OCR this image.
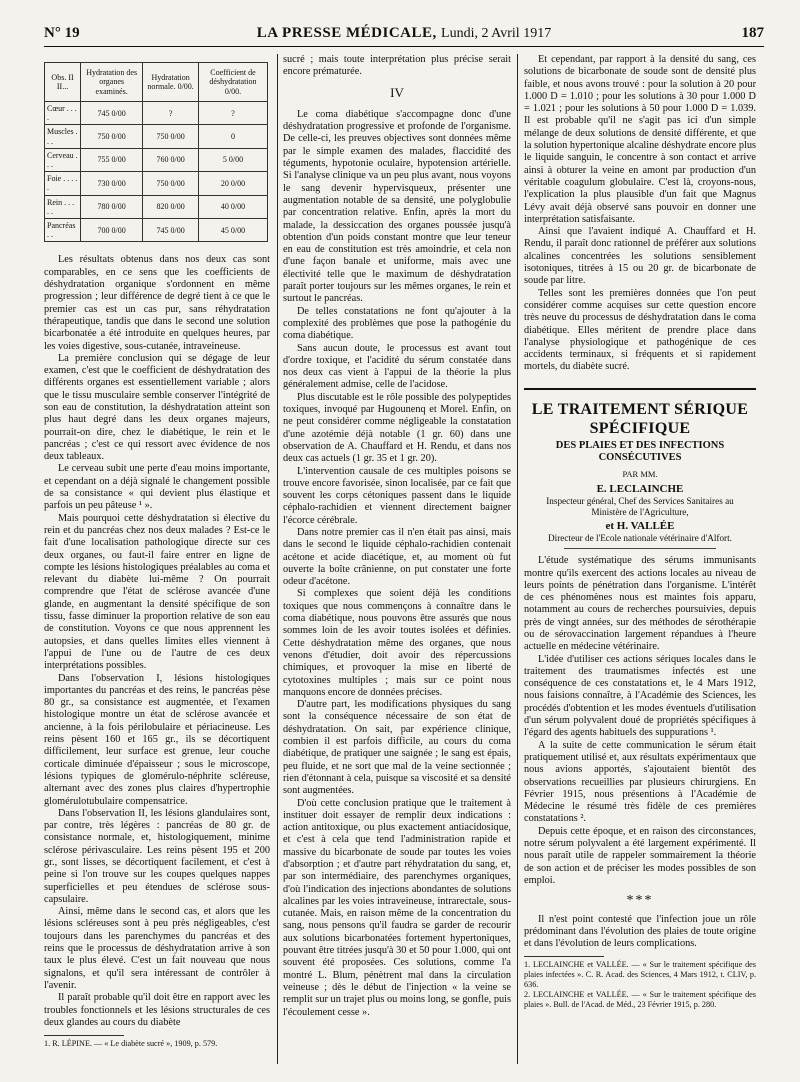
N° 19	LA PRESSE MÉDICALE, Lundi, 2 Avril 1917	187
Obs. II
II...	Hydratation des organes examinés.	Hydratation normale. 0/00.	Coefficient de déshydratation 0/00.
Cœur . . . .	745 0/00	?	?
Muscles . . .	750 0/00	750 0/00	0
Cerveau . . .	755 0/00	760 0/00	5 0/00
Foie . . . . .	730 0/00	750 0/00	20 0/00
Rein . . . . .	780 0/00	820 0/00	40 0/00
Pancréas . .	700 0/00	745 0/00	45 0/00

Les résultats obtenus dans nos deux cas sont comparables, en ce sens que les coefficients de déshydratation organique s'ordonnent en même progression ; leur différence de degré tient à ce que le premier cas est un cas pur, sans réhydratation thérapeutique, tandis que dans le second une solution bicarbonatée a été introduite en quelques heures, par les voies digestive, sous-cutanée, intraveineuse.

La première conclusion qui se dégage de leur examen, c'est que le coefficient de déshydratation des différents organes est essentiellement variable ; alors que le tissu musculaire semble conserver l'intégrité de son eau de constitution, la déshydratation atteint son plus haut degré dans les deux organes majeurs, pourrait-on dire, chez le diabétique, le rein et le pancréas ; c'est ce qui ressort avec évidence de nos deux tableaux.

Le cerveau subit une perte d'eau moins importante, et cependant on a déjà signalé le changement possible de sa consistance « qui devient plus élastique et parfois un peu pâteuse ¹ ».

Mais pourquoi cette déshydratation si élective du rein et du pancréas chez nos deux malades ? Est-ce le fait d'une localisation pathologique directe sur ces deux organes, ou faut-il faire entrer en ligne de compte les lésions histologiques préalables au coma et relevant du diabète lui-même ? On pourrait comprendre que l'état de sclérose avancée d'une glande, en augmentant la densité spécifique de son tissu, fasse diminuer la proportion relative de son eau de constitution. Voyons ce que nous apprennent les autopsies, et dans quelles limites elles viennent à l'appui de l'une ou de l'autre de ces deux interprétations possibles.

Dans l'observation I, lésions histologiques importantes du pancréas et des reins, le pancréas pèse 80 gr., sa consistance est augmentée, et l'examen histologique montre un état de sclérose avancée et ancienne, à la fois périlobulaire et périacineuse. Les reins pèsent 160 et 165 gr., ils se décortiquent difficilement, leur surface est grenue, leur couche corticale diminuée d'épaisseur ; sous le microscope, lésions typiques de glomérulo-néphrite scléreuse, alternant avec des zones plus claires d'hypertrophie glomérulotubulaire compensatrice.

Dans l'observation II, les lésions glandulaires sont, par contre, très légères : pancréas de 80 gr. de consistance normale, et, histologiquement, minime sclérose périvasculaire. Les reins pèsent 195 et 200 gr., sont lisses, se décortiquent facilement, et c'est à peine si l'on trouve sur les coupes quelques nappes superficielles et peu étendues de sclérose sous-capsulaire.

Ainsi, même dans le second cas, et alors que les lésions scléreuses sont à peu près négligeables, c'est toujours dans les parenchymes du pancréas et des reins que le processus de déshydratation arrive à son taux le plus élevé. C'est un fait nouveau que nous signalons, et qu'il sera intéressant de contrôler à l'avenir.

Il paraît probable qu'il doit être en rapport avec les troubles fonctionnels et les lésions structurales de ces deux glandes au cours du diabète

1. R. LÉPINE. — « Le diabète sucré », 1909, p. 579.

sucré ; mais toute interprétation plus précise serait encore prématurée.

IV

Le coma diabétique s'accompagne donc d'une déshydratation progressive et profonde de l'organisme. De celle-ci, les preuves objectives sont données même par le simple examen des malades, flaccidité des téguments, hypotonie oculaire, hypotension artérielle. Si l'analyse clinique va un peu plus avant, nous voyons le sang devenir hypervisqueux, présenter une augmentation notable de sa densité, une polyglobulie par concentration relative. Enfin, après la mort du malade, la dessiccation des organes poussée jusqu'à obtention d'un poids constant montre que leur teneur en eau de constitution est très amoindrie, et cela non d'une façon banale et uniforme, mais avec une électivité telle que le maximum de déshydratation paraît porter toujours sur les mêmes organes, le rein et surtout le pancréas.

De telles constatations ne font qu'ajouter à la complexité des problèmes que pose la pathogénie du coma diabétique.

Sans aucun doute, le processus est avant tout d'ordre toxique, et l'acidité du sérum constatée dans nos deux cas vient à l'appui de la théorie la plus généralement admise, celle de l'acidose.

Plus discutable est le rôle possible des polypeptides toxiques, invoqué par Hugounenq et Morel. Enfin, on ne peut considérer comme négligeable la constatation d'une azotémie déjà notable (1 gr. 60) dans une observation de A. Chauffard et H. Rendu, et dans nos deux cas actuels (1 gr. 35 et 1 gr. 20).

L'intervention causale de ces multiples poisons se trouve encore favorisée, sinon localisée, par ce fait que souvent les corps cétoniques passent dans le liquide céphalo-rachidien et viennent directement baigner l'écorce cérébrale.

Dans notre premier cas il n'en était pas ainsi, mais dans le second le liquide céphalo-rachidien contenait acétone et acide diacétique, et, au moment où fut ouverte la boîte crânienne, on put constater une forte odeur d'acétone.

Si complexes que soient déjà les conditions toxiques que nous commençons à connaître dans le coma diabétique, nous pouvons être assurés que nous sommes loin de les avoir toutes isolées et définies. Cette déshydratation même des organes, que nous venons d'étudier, doit avoir des répercussions chimiques, et provoquer la mise en liberté de cytotoxines multiples ; mais sur ce point nous manquons encore de données précises.

D'autre part, les modifications physiques du sang sont la conséquence nécessaire de son état de déshydratation. On sait, par expérience clinique, combien il est parfois difficile, au cours du coma diabétique, de pratiquer une saignée ; le sang est épais, peu fluide, et ne sort que mal de la veine sectionnée ; rien d'étonnant à cela, puisque sa viscosité et sa densité sont augmentées.

D'où cette conclusion pratique que le traitement à instituer doit essayer de remplir deux indications : action antitoxique, ou plus exactement antiacidosique, et c'est à cela que tend l'administration rapide et massive du bicarbonate de soude par toutes les voies d'absorption ; et d'autre part réhydratation du sang, et, par son intermédiaire, des parenchymes organiques, d'où l'indication des injections abondantes de solutions alcalines par les voies intraveineuse, intrarectale, sous-cutanée. Mais, en raison même de la concentration du sang, nous pensons qu'il faudra se garder de recourir aux solutions bicarbonatées fortement hypertoniques, pouvant être titrées jusqu'à 30 et 50 pour 1.000, qui ont souvent été proposées. Ces solutions, comme l'a montré L. Blum, pénètrent mal dans la circulation veineuse ; dès le début de l'injection « la veine se remplit sur un trajet plus ou moins long, se gonfle, puis l'écoulement cesse ».

Et cependant, par rapport à la densité du sang, ces solutions de bicarbonate de soude sont de densité plus faible, et nous avons trouvé : pour la solution à 20 pour 1.000 D = 1.010 ; pour les solutions à 30 pour 1.000 D = 1.021 ; pour les solutions à 50 pour 1.000 D = 1.039. Il est probable qu'il ne s'agit pas ici d'un simple mélange de deux solutions de densité différente, et que la solution hypertonique alcaline déshydrate encore plus le liquide sanguin, le concentre à son contact et arrive ainsi à obturer la veine en amont par production d'un véritable coagulum globulaire. C'est là, croyons-nous, l'explication la plus plausible d'un fait que Magnus Lévy avait déjà observé sans pouvoir en donner une interprétation satisfaisante.

Ainsi que l'avaient indiqué A. Chauffard et H. Rendu, il paraît donc rationnel de préférer aux solutions alcalines concentrées les solutions sensiblement isotoniques, titrées à 15 ou 20 gr. de bicarbonate de soude par litre.

Telles sont les premières données que l'on peut considérer comme acquises sur cette question encore très neuve du processus de déshydratation dans le coma diabétique. Elles méritent de prendre place dans l'analyse physiologique et pathogénique de ces accidents terminaux, si fréquents et si rapidement mortels, du diabète sucré.

LE TRAITEMENT SÉRIQUE SPÉCIFIQUE
DES PLAIES ET DES INFECTIONS CONSÉCUTIVES
PAR MM.
E. LECLAINCHE
Inspecteur général, Chef des Services Sanitaires au Ministère de l'Agriculture,
et H. VALLÉE
Directeur de l'Ecole nationale vétérinaire d'Alfort.

L'étude systématique des sérums immunisants montre qu'ils exercent des actions locales au niveau de leurs points de pénétration dans l'organisme. L'intérêt de ces phénomènes nous est maintes fois apparu, notamment au cours de recherches poursuivies, depuis près de vingt années, sur des méthodes de sérothérapie ou de sérovaccination largement répandues à l'heure actuelle en médecine vétérinaire.

L'idée d'utiliser ces actions sériques locales dans le traitement des traumatismes infectés est une conséquence de ces constatations et, le 4 Mars 1912, nous faisions connaître, à l'Académie des Sciences, les procédés d'obtention et les modes éventuels d'utilisation d'un sérum polyvalent doué de propriétés spécifiques à l'égard des agents habituels des suppurations ¹.

A la suite de cette communication le sérum était pratiquement utilisé et, aux résultats expérimentaux que nous avions apportés, s'ajoutaient bientôt des observations recueillies par plusieurs chirurgiens. En Février 1915, nous présentions à l'Académie de Médecine le résumé très fidèle de ces premières constatations ².

Depuis cette époque, et en raison des circonstances, notre sérum polyvalent a été largement expérimenté. Il nous paraît utile de rappeler sommairement la théorie de son action et de préciser les modes possibles de son emploi.

***

Il n'est point contesté que l'infection joue un rôle prédominant dans l'évolution des plaies de toute origine et dans l'évolution de leurs complications.

1. LECLAINCHE et VALLÉE. — « Sur le traitement spécifique des plaies infectées ». C. R. Acad. des Sciences, 4 Mars 1912, t. CLIV, p. 636.
2. LECLAINCHE et VALLÉE. — « Sur le traitement spécifique des plaies ». Bull. de l'Acad. de Méd., 23 Février 1915, p. 280.
